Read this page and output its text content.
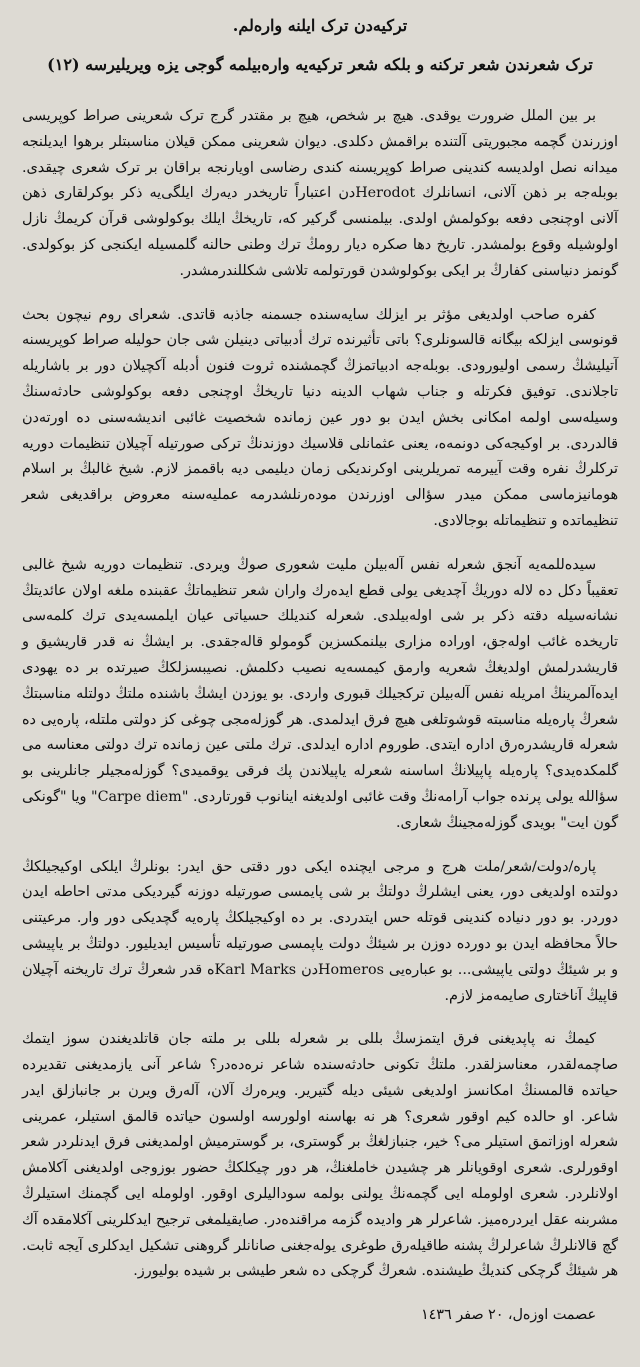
ترکیه‌دن ترک ایلنه وارەلم.
ترک شعرندن شعر ترکنه و بلکه شعر ترکیه‌یه وارەبیلمه گوجی یزه ویریلیرسه (١٢)

بر بین الملل ضرورت یوقدی. هیچ بر شخص، هیچ بر مقتدر گرج ترک شعرینی صراط کوپریسی اوزرندن گچمه مجبوریتی آلتنده براقمش دکلدی. دیوان شعرینی ممکن قیلان مناسبتلر برهوا ایدیلنجه میدانه نصل اولدیسه کندینی صراط کوپریسنه کندی رضاسی اویارنجه براقان بر ترک شعری چیقدی. بوبله‌جه بر ذهن آلانی، انسانلرك Herodotدن اعتباراً تاریخدر دیه‌رك ایلگی‌یه ذکر بوکرلقاری ذهن آلانی اوچنجی دفعه بوکولمش اولدی. بیلمنسی گرکیر که، تاریخڭ ایلك بوکولوشی قرآن کریمڭ نازل اولوشیله وقوع بولمشدر. تاریخ دها صکره دیار رومڭ ترك وطنی حالنه گلمسیله ایکنجی کز بوکولدی. گونمز دنیاسنی کفارڭ بر ایکی بوکولوشدن قورتولمه تلاشی شکللندرمشدر.

کفره صاحب اولدیغی مؤثر بر ایزلك سایه‌سنده جسمنه جاذبه قاتدی. شعرای روم نیچون بحث قونوسی ایزلکه بیگانه قالسونلری؟ باتی تأثیرنده ترك أدبیاتی دینیلن شی جان حولیله صراط کوپریسنه آتیلیشڭ رسمی اولیورودی. بوبله‌جه ادبیاتمزڭ گچمشنده ثروت فنون أدبله آكچیلان دور بر باشاریله تاجلاندی. توفیق فکرتله و جناب شهاب الدینه دنیا تاریخڭ اوچنجی دفعه بوکولوشی حادثه‌سنڭ وسیله‌سی اولمه امکانی بخش ایدن بو دور عین زمانده شخصیت غائبی اندیشه‌سنی ده اورته‌دن قالدردی. بر اوکیجه‌کی دونمه‌ه، یعنی عثمانلی قلاسیك دوزندنڭ ترکی صورتیله آچیلان تنظیمات دوریه ترکلرڭ نفره وقت آییرمه تمریلرینی اوکرندیکی زمان دیلیمی دیه باقممز لازم. شیخ غالبڭ بر اسلام هومانیزماسی ممکن میدر سؤالی اوزرندن موده‌رنلشدرمه عملیه‌سنه معروض براقدیغی شعر تنظیماتده و تنظیماتله بوجالادی.

سیده‌للمه‌یه آنجق شعرله نفس آلەبیلن ملیت شعوری صوڭ ویردی. تنظیمات دوریه شیخ غالبی تعقیباً دکل ده لاله دوریڭ آچدیغی یولی قطع ایده‌رك واران شعر تنظیماتڭ عقبنده ملغه اولان عائدیتڭ نشانه‌سیله دقته ذکر بر شی اوله‌بیلدی. شعرله کندیلك حسیاتی عیان ایلمسه‌یدی ترك کلمه‌سی تاریخده غائب اوله‌جق، اوراده مزاری بیلنمکسزین گومولو قاله‌جقدی. بر ایشڭ نه قدر قاریشیق و قاریشدرلمش اولدیغڭ شعریه وارمق کیمسه‌یه نصیب دکلمش. نصیبسزلکڭ صیرتده بر ده یهودی ایده‌آلمرینڭ امریله نفس آلەبیلن ترکجیلك قبوری واردی. بو یوزدن ایشڭ باشنده ملتڭ دولتله مناسبتڭ شعرڭ پاره‌یله مناسبته قوشوتلغی هیچ فرق ایدلمدی. هر گوزلەمجی چوغی کز دولتی ملتله، پاره‌یی ده شعرله قاریشدره‌رق اداره ایتدی. طوروم اداره ایدلدی. ترك ملتی عین زمانده ترك دولتی معناسه می گلمکده‌یدی؟ پاره‌یله پاپیلانڭ اساسنه شعرله یاپیلاندن پك فرقی یوقمیدی؟ گوزلەمجیلر جانلرینی بو سؤالله یولی پرنده جواب آرامه‌نڭ وقت غائبی اولدیغنه اینانوب قورتاردی. "Carpe diem" ویا "گونکی گون ایت" بویدی گوزلەمجینڭ شعاری.

پاره/دولت/شعر/ملت هرج و مرجی ایچنده ایکی دور دقتی حق ایدر: بونلرڭ ایلکی اوکیجیلکڭ دولتده اولدیغی دور، یعنی ایشلرڭ دولتڭ بر شی پایمسی صورتیله دوزنه گیردیکی مدتی احاطه ایدن دوردر. بو دور دنیاده کندینی قوتله حس ایتدردی. بر ده اوکیجیلکڭ پاره‌یه گچدیکی دور وار. مرعیتنی حالاً محافظه ایدن بو دورده دوزن بر شیئڭ دولت یاپمسی صورتیله تأسیس ایدیلیور. دولتڭ بر یاپیشی و بر شیئڭ دولتی یاپیشی... بو عباره‌یی Homerosدن Karl Marksه قدر شعرڭ ترك تاریخنه آچیلان قاپیڭ آناختاری صایمه‌مز لازم.

کیمڭ نه پاپدیغنی فرق ایتمزسڭ بللی بر شعرله بللی بر ملته جان قاتلدیغندن سوز ایتمك صاچمه‌لقدر، معناسزلقدر. ملتڭ تکونی حادثه‌سنده شاعر نره‌ده‌در؟ شاعر آنی یازمدیغنی تقدیرده حیاتده قالمسنڭ امکانسز اولدیغی شیئی دیله گتیریر. ویره‌رك آلان، آلەرق ویرن بر جانبازلق ایدر شاعر. او حالده کیم اوقور شعری؟ هر نه بهاسنه اولورسه اولسون حیاتده قالمق استیلر، عمرینی شعرله اوزاتمق استیلر می؟ خیر، جنبازلغڭ بر گوستری، بر گوسترمیش اولمدیغنی فرق ایدنلردر شعر اوقورلری. شعری اوقویانلر هر چشیدن خاملغنڭ، هر دور چیکلکڭ حضور بوزوجی اولدیغنی آکلامش اولانلردر. شعری اولوملە ایی گچمه‌نڭ یولنی بولمه سودالیلری اوقور. اولوملە ایی گچمنك استیلرڭ مشربنه عقل ایردرەمیز. شاعرلر هر وادیده گزمه مراقنده‌در. صایقیلمغی ترجیح ایدکلرینی آکلامقده آك گچ قالانلرڭ شاعرلرڭ پشنه طاقیلەرق طوغری یوله‌جغنی صانانلر گروهنی تشکیل ایدکلری آیجه ثابت. هر شیئڭ گرچکی کندیڭ طیشنده. شعرڭ گرچکی ده شعر طیشی بر شیده بولیورز.

عصمت اوزەل، ٢٠ صفر ١٤٣٦
